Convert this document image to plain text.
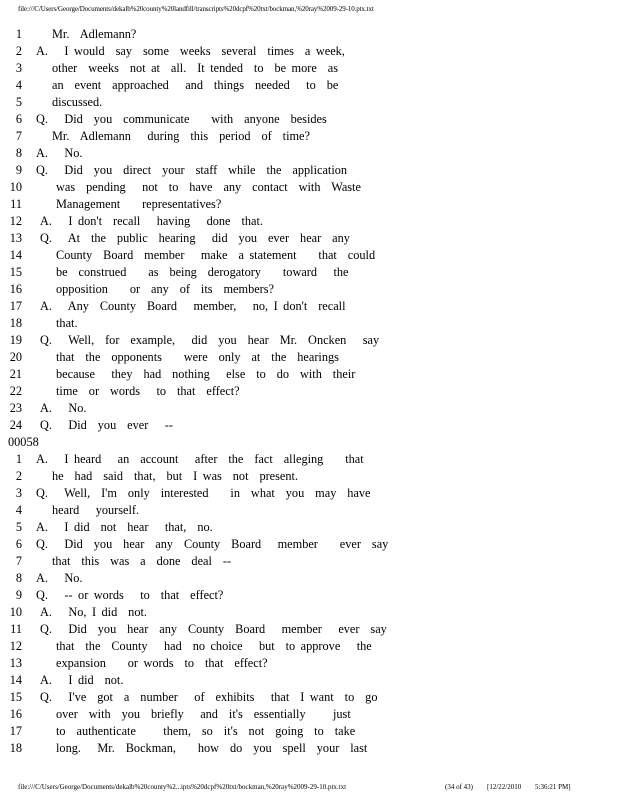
file:///C/Users/George/Documents/dekalb%20county%20landfill/transcripts%20dcpf%20txt/bockman,%20ray%2009-29-10.ptx.txt
1 Mr.  Adlemann?
2 A.   I would  say  some  weeks  several  times  a week,
3 other  weeks  not at  all.  It tended  to  be more  as
4 an  event  approached   and  things  needed   to  be
5 discussed.
6 Q.   Did  you  communicate    with  anyone  besides
7 Mr.  Adlemann   during  this  period  of  time?
8 A.   No.
9 Q.   Did  you  direct  your  staff  while  the  application
10	was  pending   not  to  have  any  contact  with  Waste
11	Management    representatives?
12 A.   I don't  recall   having   done  that.
13 Q.   At  the  public  hearing   did  you  ever  hear  any
14	County  Board  member   make  a statement    that  could
15	be  construed    as  being  derogatory    toward   the
16	opposition    or  any  of  its  members?
17 A.   Any  County  Board   member,   no, I don't  recall
18	that.
19 Q.   Well,  for  example,   did  you  hear  Mr.  Oncken   say
20	that  the  opponents    were  only  at  the  hearings
21	because   they  had  nothing   else  to  do  with  their
22	time  or  words   to  that  effect?
23 A.   No.
24 Q.   Did  you  ever   --
00058
1 A.   I heard   an  account   after  the  fact  alleging    that
2 he  had  said  that,  but  I was  not  present.
3 Q.   Well,  I'm  only  interested    in  what  you  may  have
4 heard   yourself.
5 A.   I did  not  hear   that,  no.
6 Q.   Did  you  hear  any  County  Board   member    ever  say
7 that  this  was  a  done  deal  --
8 A.   No.
9 Q.   -- or words   to  that  effect?
10 A.   No, I did  not.
11 Q.   Did  you  hear  any  County  Board   member   ever  say
12	that  the  County   had  no choice   but  to approve   the
13	expansion    or words  to  that  effect?
14 A.   I did  not.
15 Q.   I've  got  a  number   of  exhibits   that  I want  to  go
16	over  with  you  briefly   and  it's  essentially     just
17	to  authenticate     them,  so  it's  not  going  to  take
18	long.   Mr.  Bockman,    how  do  you  spell  your  last
file:///C/Users/George/Documents/dekalb%20county%2...ipts%20dcpf%20txt/bockman,%20ray%2009-29-10.ptx.txt	(34 of 43) [12/22/2010 5:36:21 PM]
